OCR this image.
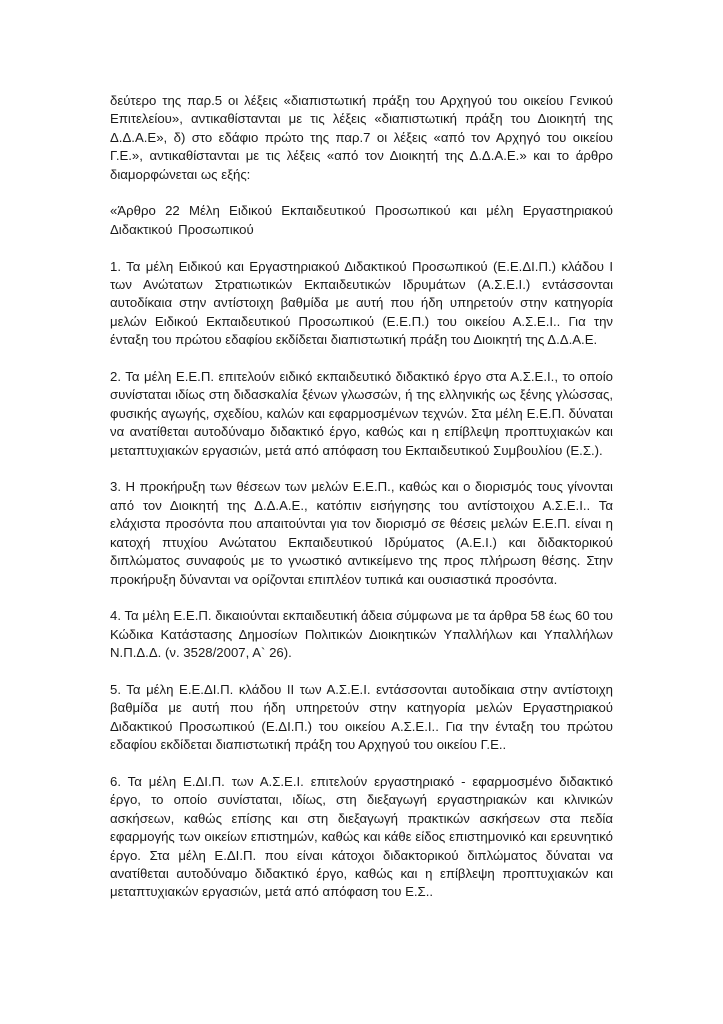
δεύτερο της παρ.5 οι λέξεις «διαπιστωτική πράξη του Αρχηγού του οικείου Γενικού Επιτελείου», αντικαθίστανται με τις λέξεις «διαπιστωτική πράξη του Διοικητή της Δ.Δ.Α.Ε», δ) στο εδάφιο πρώτο της παρ.7 οι λέξεις «από τον Αρχηγό του οικείου Γ.Ε.», αντικαθίστανται με τις λέξεις «από τον Διοικητή της Δ.Δ.Α.Ε.» και το άρθρο διαμορφώνεται ως εξής:

«Άρθρο 22 Μέλη Ειδικού Εκπαιδευτικού Προσωπικού και μέλη Εργαστηριακού Διδακτικού Προσωπικού

1. Τα μέλη Ειδικού και Εργαστηριακού Διδακτικού Προσωπικού (Ε.Ε.ΔΙ.Π.) κλάδου I των Ανώτατων Στρατιωτικών Εκπαιδευτικών Ιδρυμάτων (Α.Σ.Ε.Ι.) εντάσσονται αυτοδίκαια στην αντίστοιχη βαθμίδα με αυτή που ήδη υπηρετούν στην κατηγορία μελών Ειδικού Εκπαιδευτικού Προσωπικού (Ε.Ε.Π.) του οικείου Α.Σ.Ε.Ι.. Για την ένταξη του πρώτου εδαφίου εκδίδεται διαπιστωτική πράξη του Διοικητή της Δ.Δ.Α.Ε.

2. Τα μέλη Ε.Ε.Π. επιτελούν ειδικό εκπαιδευτικό διδακτικό έργο στα Α.Σ.Ε.Ι., το οποίο συνίσταται ιδίως στη διδασκαλία ξένων γλωσσών, ή της ελληνικής ως ξένης γλώσσας, φυσικής αγωγής, σχεδίου, καλών και εφαρμοσμένων τεχνών. Στα μέλη Ε.Ε.Π. δύναται να ανατίθεται αυτοδύναμο διδακτικό έργο, καθώς και η επίβλεψη προπτυχιακών και μεταπτυχιακών εργασιών, μετά από απόφαση του Εκπαιδευτικού Συμβουλίου (Ε.Σ.).

3. Η προκήρυξη των θέσεων των μελών Ε.Ε.Π., καθώς και ο διορισμός τους γίνονται από τον Διοικητή της Δ.Δ.Α.Ε., κατόπιν εισήγησης του αντίστοιχου Α.Σ.Ε.Ι.. Τα ελάχιστα προσόντα που απαιτούνται για τον διορισμό σε θέσεις μελών Ε.Ε.Π. είναι η κατοχή πτυχίου Ανώτατου Εκπαιδευτικού Ιδρύματος (Α.Ε.Ι.) και διδακτορικού διπλώματος συναφούς με το γνωστικό αντικείμενο της προς πλήρωση θέσης. Στην προκήρυξη δύνανται να ορίζονται επιπλέον τυπικά και ουσιαστικά προσόντα.

4. Τα μέλη Ε.Ε.Π. δικαιούνται εκπαιδευτική άδεια σύμφωνα με τα άρθρα 58 έως 60 του Κώδικα Κατάστασης Δημοσίων Πολιτικών Διοικητικών Υπαλλήλων και Υπαλλήλων Ν.Π.Δ.Δ. (ν. 3528/2007, Α` 26).

5. Τα μέλη Ε.Ε.ΔΙ.Π. κλάδου II των Α.Σ.Ε.Ι. εντάσσονται αυτοδίκαια στην αντίστοιχη βαθμίδα με αυτή που ήδη υπηρετούν στην κατηγορία μελών Εργαστηριακού Διδακτικού Προσωπικού (Ε.ΔΙ.Π.) του οικείου Α.Σ.Ε.Ι.. Για την ένταξη του πρώτου εδαφίου εκδίδεται διαπιστωτική πράξη του Αρχηγού του οικείου Γ.Ε..

6. Τα μέλη Ε.ΔΙ.Π. των Α.Σ.Ε.Ι. επιτελούν εργαστηριακό - εφαρμοσμένο διδακτικό έργο, το οποίο συνίσταται, ιδίως, στη διεξαγωγή εργαστηριακών και κλινικών ασκήσεων, καθώς επίσης και στη διεξαγωγή πρακτικών ασκήσεων στα πεδία εφαρμογής των οικείων επιστημών, καθώς και κάθε είδος επιστημονικό και ερευνητικό έργο. Στα μέλη Ε.ΔΙ.Π. που είναι κάτοχοι διδακτορικού διπλώματος δύναται να ανατίθεται αυτοδύναμο διδακτικό έργο, καθώς και η επίβλεψη προπτυχιακών και μεταπτυχιακών εργασιών, μετά από απόφαση του Ε.Σ..
